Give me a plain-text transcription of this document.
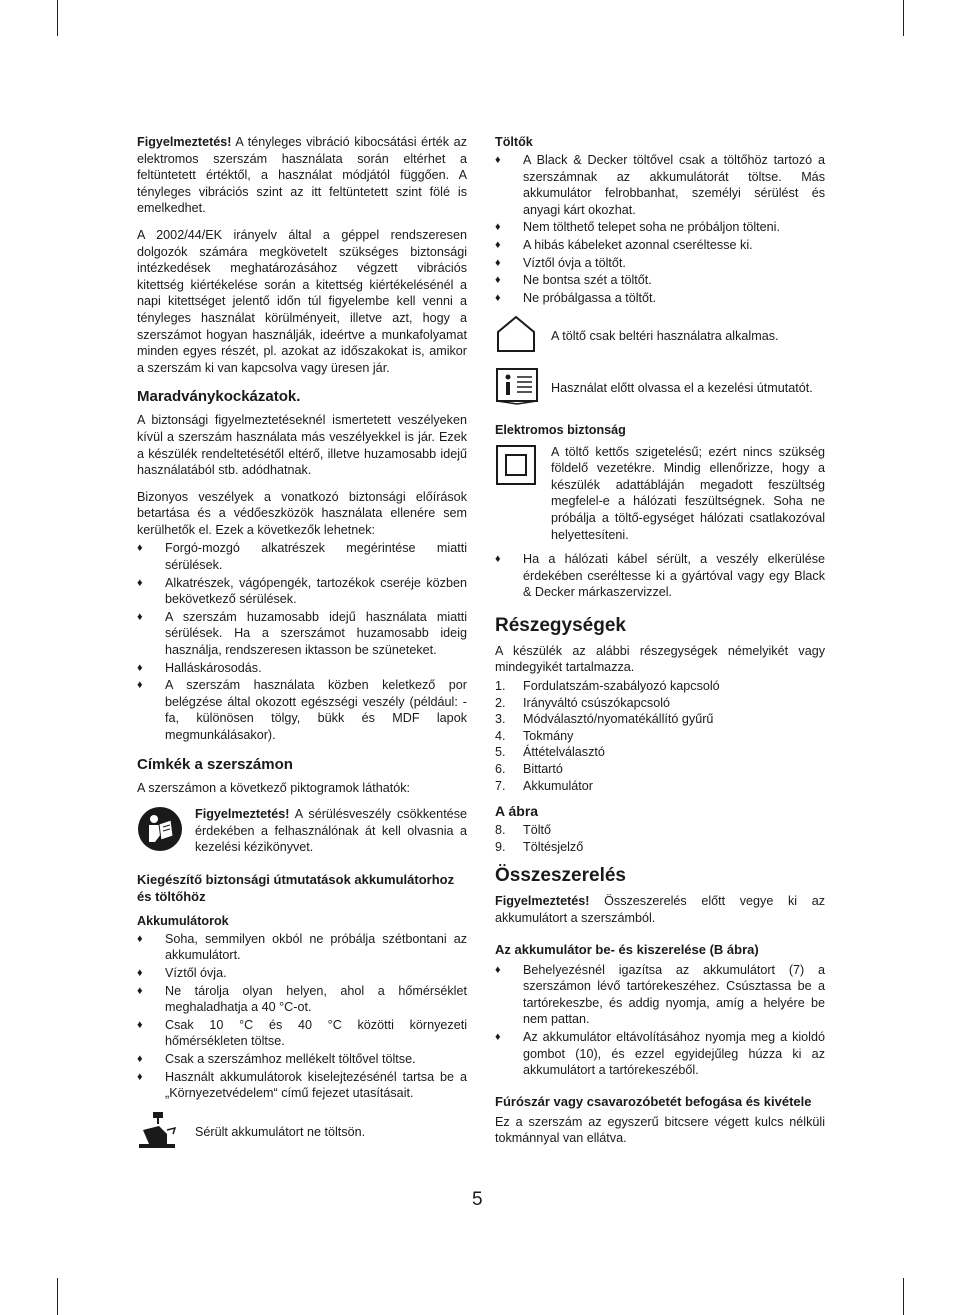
Figyelmeztetés! A tényleges vibráció kibocsátási érték az elektromos szerszám használata során eltérhet a feltüntetett értéktől, a használat módjától függően. A tényleges vibrációs szint az itt feltüntetett szint fölé is emelkedhet.

A 2002/44/EK irányelv által a géppel rendszeresen dolgozók számára megkövetelt szükséges biztonsági intézkedések meghatározásához végzett vibrációs kitettség kiértékelése során a kitettség kiértékelésénél a napi kitettséget jelentő időn túl figyelembe kell venni a tényleges használat körülményeit, illetve azt, hogy a szerszámot hogyan használják, ideértve a munkafolyamat minden egyes részét, pl. azokat az időszakokat is, amikor a szerszám ki van kapcsolva vagy üresen jár.

Maradványkockázatok.

A biztonsági figyelmeztetéseknél ismertetett veszélyeken kívül a szerszám használata más veszélyekkel is jár. Ezek a készülék rendeltetésétől eltérő, illetve huzamosabb idejű használatából stb. adódhatnak.

Bizonyos veszélyek a vonatkozó biztonsági előírások betartása és a védőeszközök használata ellenére sem kerülhetők el. Ezek a következők lehetnek:

♦ Forgó-mozgó alkatrészek megérintése miatti sérülések.
♦ Alkatrészek, vágópengék, tartozékok cseréje közben bekövetkező sérülések.
♦ A szerszám huzamosabb idejű használata miatti sérülések. Ha a szerszámot huzamosabb ideig használja, rendszeresen iktasson be szüneteket.
♦ Halláskárosodás.
♦ A szerszám használata közben keletkező por belégzése által okozott egészségi veszély (például: - fa, különösen tölgy, bükk és MDF lapok megmunkálásakor).
Címkék a szerszámon

A szerszámon a következő piktogramok láthatók:

Figyelmeztetés! A sérülésveszély csökkentése érdekében a felhasználónak át kell olvasnia a kezelési kézikönyvet.
Kiegészítő biztonsági útmutatások akkumulátorhoz és töltőhöz
Akkumulátorok
♦ Soha, semmilyen okból ne próbálja szétbontani az akkumulátort.
♦ Víztől óvja.
♦ Ne tárolja olyan helyen, ahol a hőmérséklet meghaladhatja a 40 °C-ot.
♦ Csak 10 °C és 40 °C közötti környezeti hőmérsékleten töltse.
♦ Csak a szerszámhoz mellékelt töltővel töltse.
♦ Használt akkumulátorok kiselejtezésénél tartsa be a „Környezetvédelem“ című fejezet utasításait.
Sérült akkumulátort ne töltsön.
Töltők
♦ A Black & Decker töltővel csak a töltőhöz tartozó a szerszámnak az akkumulátorát töltse. Más akkumulátor felrobbanhat, személyi sérülést és anyagi kárt okozhat.
♦ Nem tölthető telepet soha ne próbáljon tölteni.
♦ A hibás kábeleket azonnal cseréltesse ki.
♦ Víztől óvja a töltőt.
♦ Ne bontsa szét a töltőt.
♦ Ne próbálgassa a töltőt.
A töltő csak beltéri használatra alkalmas.
Használat előtt olvassa el a kezelési útmutatót.
Elektromos biztonság
A töltő kettős szigetelésű; ezért nincs szükség földelő vezetékre. Mindig ellenőrizze, hogy a készülék adattábláján megadott feszültség megfelel-e a hálózati feszültségnek. Soha ne próbálja a töltő-egységet hálózati csatlakozóval helyettesíteni.
♦ Ha a hálózati kábel sérült, a veszély elkerülése érdekében cseréltesse ki a gyártóval vagy egy Black & Decker márkaszervizzel.
Részegységek

A készülék az alábbi részegységek némelyikét vagy mindegyikét tartalmazza.

1. Fordulatszám-szabályozó kapcsoló
2. Irányváltó csúszókapcsoló
3. Módválasztó/nyomatékállító gyűrű
4. Tokmány
5. Áttételválasztó
6. Bittartó
7. Akkumulátor
A ábra
8. Töltő
9. Töltésjelző
Összeszerelés

Figyelmeztetés! Összeszerelés előtt vegye ki az akkumulátort a szerszámból.

Az akkumulátor be- és kiszerelése (B ábra)
♦ Behelyezésnél igazítsa az akkumulátort (7) a szerszámon lévő tartórekeszéhez. Csúsztassa be a tartórekeszbe, és addig nyomja, amíg a helyére be nem pattan.
♦ Az akkumulátor eltávolításához nyomja meg a kioldó gombot (10), és ezzel egyidejűleg húzza ki az akkumulátort a tartórekeszéből.
Fúrószár vagy csavarozóbetét befogása és kivétele

Ez a szerszám az egyszerű bitcsere végett kulcs nélküli tokmánnyal van ellátva.

5
